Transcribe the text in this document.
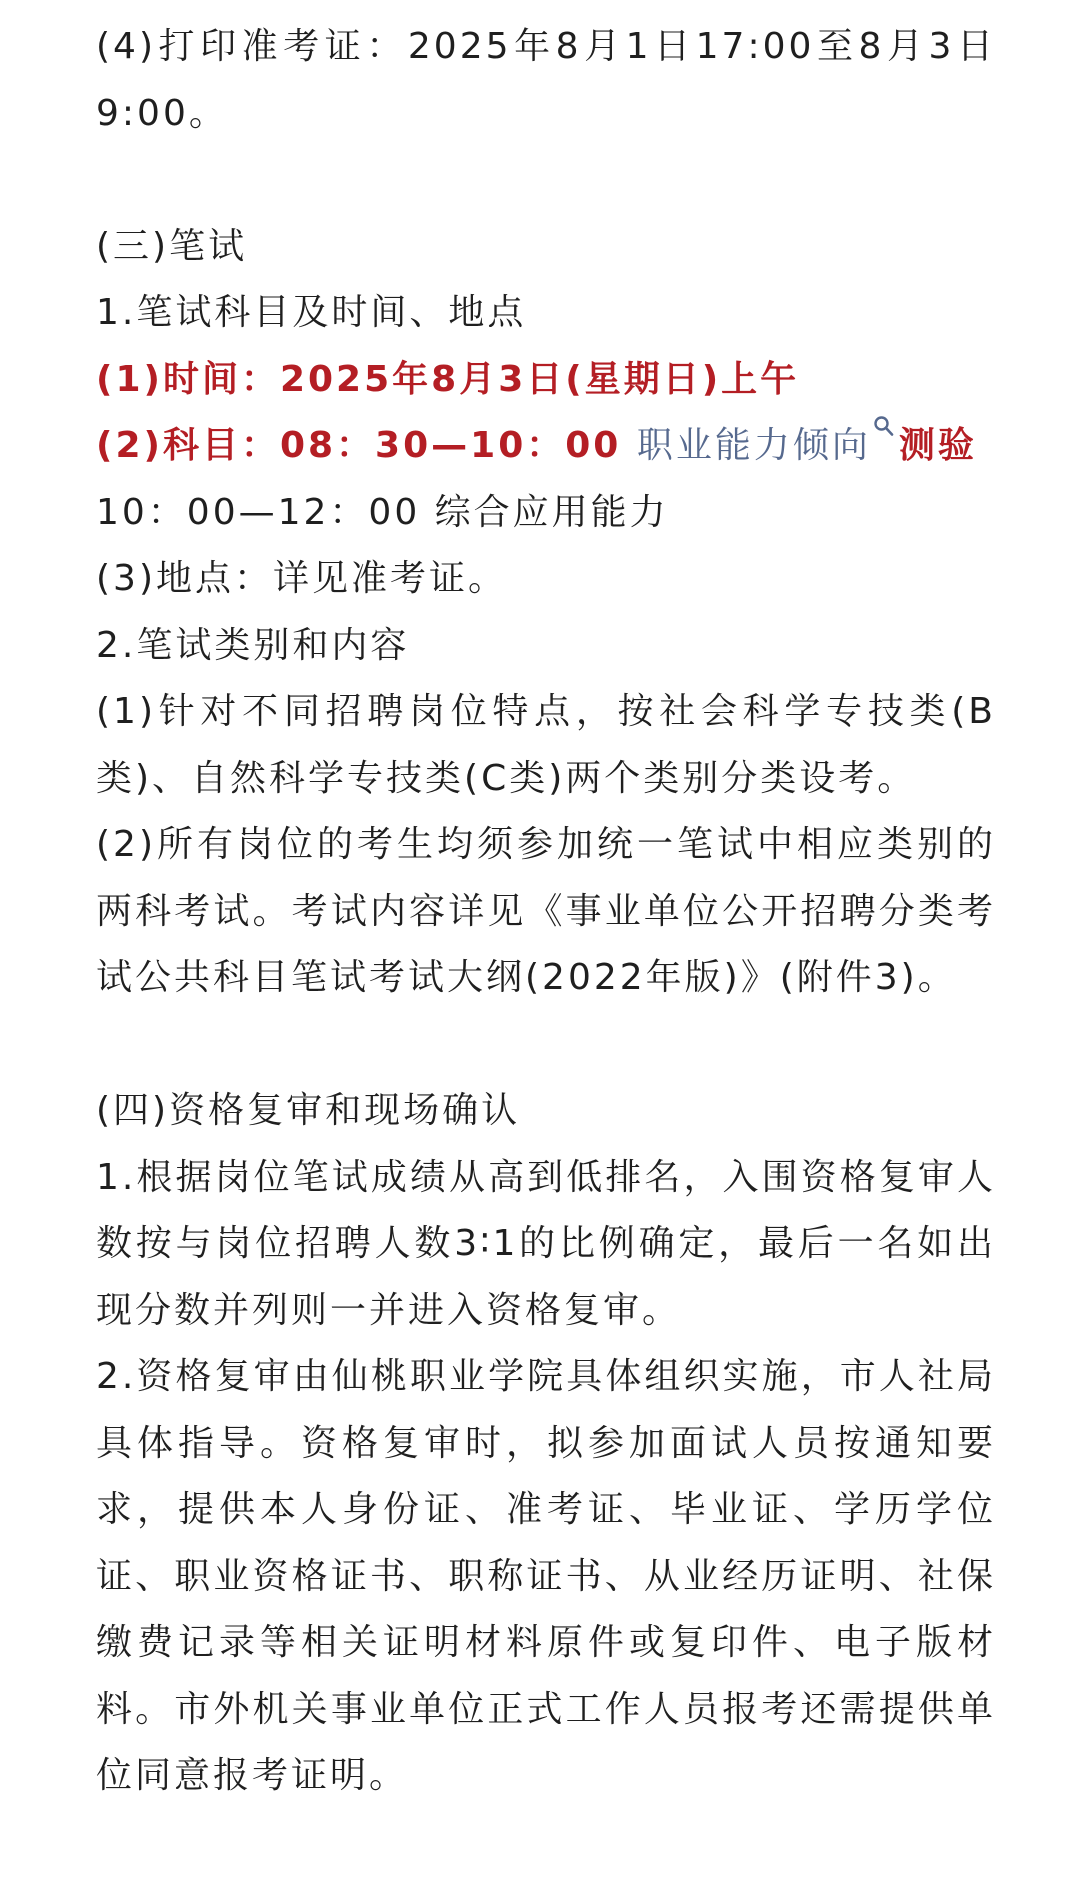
(4)打印准考证：2025年8月1日17:00至8月3日9:00。

(三)笔试

1.笔试科目及时间、地点

(1)时间：2025年8月3日(星期日)上午

(2)科目：08：30—10：00 职业能力倾向 测验

10：00—12：00 综合应用能力

(3)地点：详见准考证。

2.笔试类别和内容

(1)针对不同招聘岗位特点，按社会科学专技类(B类)、自然科学专技类(C类)两个类别分类设考。

(2)所有岗位的考生均须参加统一笔试中相应类别的两科考试。考试内容详见《事业单位公开招聘分类考试公共科目笔试考试大纲(2022年版)》(附件3)。

(四)资格复审和现场确认

1.根据岗位笔试成绩从高到低排名，入围资格复审人数按与岗位招聘人数3∶1的比例确定，最后一名如出现分数并列则一并进入资格复审。

2.资格复审由仙桃职业学院具体组织实施，市人社局具体指导。资格复审时，拟参加面试人员按通知要求，提供本人身份证、准考证、毕业证、学历学位证、职业资格证书、职称证书、从业经历证明、社保缴费记录等相关证明材料原件或复印件、电子版材料。市外机关事业单位正式工作人员报考还需提供单位同意报考证明。
